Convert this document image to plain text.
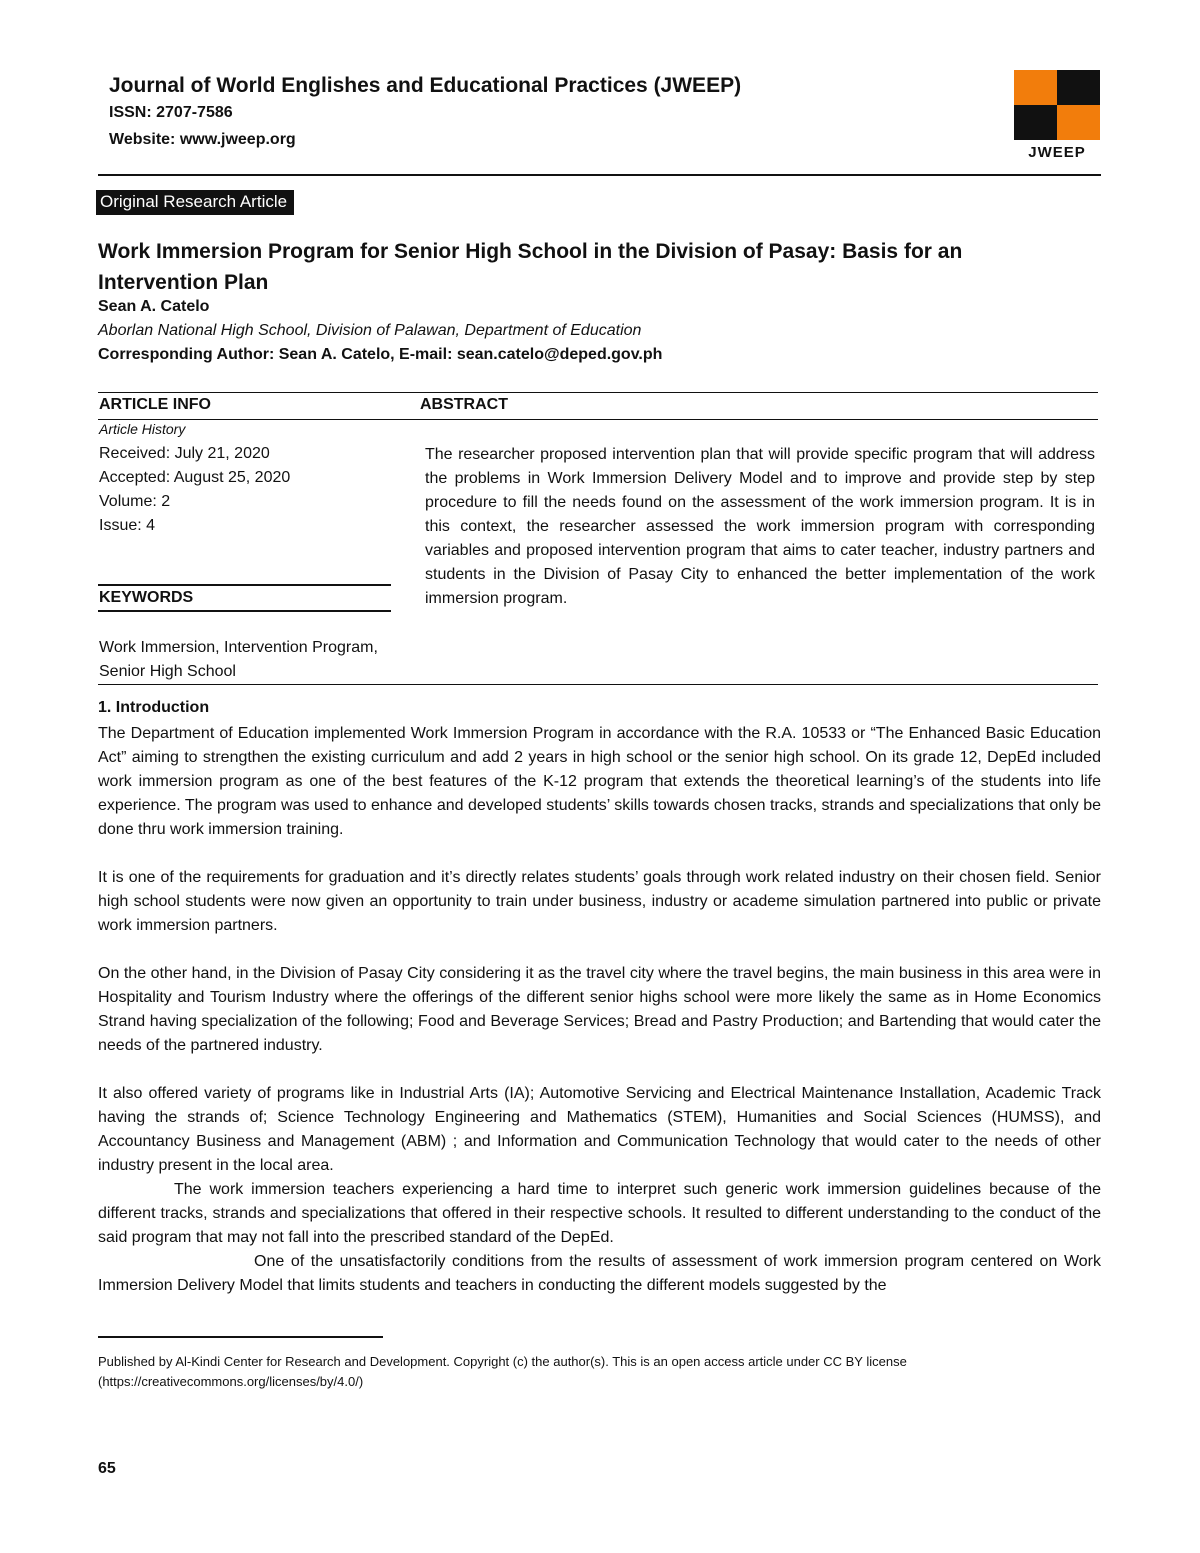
Journal of World Englishes and Educational Practices (JWEEP)
ISSN: 2707-7586
Website: www.jweep.org
JWEEP
Original Research Article
Work Immersion Program for Senior High School in the Division of Pasay: Basis for an Intervention Plan
Sean A. Catelo
Aborlan National High School, Division of Palawan, Department of Education
Corresponding Author: Sean A. Catelo, E-mail: sean.catelo@deped.gov.ph
ARTICLE INFO	ABSTRACT
Article History
Received: July 21, 2020
Accepted: August 25, 2020
Volume: 2
Issue: 4
KEYWORDS
Work Immersion, Intervention Program, Senior High School
The researcher proposed intervention plan that will provide specific program that will address the problems in Work Immersion Delivery Model and to improve and provide step by step procedure to fill the needs found on the assessment of the work immersion program. It is in this context, the researcher assessed the work immersion program with corresponding variables and proposed intervention program that aims to cater teacher, industry partners and students in the Division of Pasay City to enhanced the better implementation of the work immersion program.
1. Introduction

The Department of Education implemented Work Immersion Program in accordance with the R.A. 10533 or “The Enhanced Basic Education Act” aiming to strengthen the existing curriculum and add 2 years in high school or the senior high school. On its grade 12, DepEd included work immersion program as one of the best features of the K-12 program that extends the theoretical learning’s of the students into life experience. The program was used to enhance and developed students’ skills towards chosen tracks, strands and specializations that only be done thru work immersion training.

It is one of the requirements for graduation and it’s directly relates students’ goals through work related industry on their chosen field. Senior high school students were now given an opportunity to train under business, industry or academe simulation partnered into public or private work immersion partners.

On the other hand, in the Division of Pasay City considering it as the travel city where the travel begins, the main business in this area were in Hospitality and Tourism Industry where the offerings of the different senior highs school were more likely the same as in Home Economics Strand having specialization of the following; Food and Beverage Services; Bread and Pastry Production; and Bartending that would cater the needs of the partnered industry.

It also offered variety of programs like in Industrial Arts (IA); Automotive Servicing and Electrical Maintenance Installation, Academic Track having the strands of; Science Technology Engineering and Mathematics (STEM), Humanities and Social Sciences (HUMSS), and Accountancy Business and Management (ABM) ; and Information and Communication Technology that would cater to the needs of other industry present in the local area.

The work immersion teachers experiencing a hard time to interpret such generic work immersion guidelines because of the different tracks, strands and specializations that offered in their respective schools. It resulted to different understanding to the conduct of the said program that may not fall into the prescribed standard of the DepEd.

One of the unsatisfactorily conditions from the results of assessment of work immersion program centered on Work Immersion Delivery Model that limits students and teachers in conducting the different models suggested by the

Published by Al-Kindi Center for Research and Development. Copyright (c) the author(s). This is an open access article under CC BY license (https://creativecommons.org/licenses/by/4.0/)
65
